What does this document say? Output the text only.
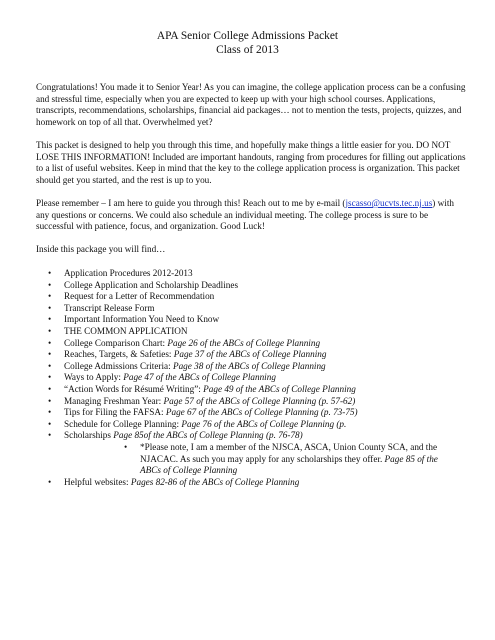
APA Senior College Admissions Packet
Class of 2013

Congratulations! You made it to Senior Year! As you can imagine, the college application process can be a confusing and stressful time, especially when you are expected to keep up with your high school courses. Applications, transcripts, recommendations, scholarships, financial aid packages… not to mention the tests, projects, quizzes, and homework on top of all that. Overwhelmed yet?

This packet is designed to help you through this time, and hopefully make things a little easier for you. DO NOT LOSE THIS INFORMATION! Included are important handouts, ranging from procedures for filling out applications to a list of useful websites. Keep in mind that the key to the college application process is organization. This packet should get you started, and the rest is up to you.

Please remember – I am here to guide you through this! Reach out to me by e-mail (jscasso@ucvts.tec.nj.us) with any questions or concerns. We could also schedule an individual meeting. The college process is sure to be successful with patience, focus, and organization. Good Luck!

Inside this package you will find…

• Application Procedures 2012-2013
• College Application and Scholarship Deadlines
• Request for a Letter of Recommendation
• Transcript Release Form
• Important Information You Need to Know
• THE COMMON APPLICATION
• College Comparison Chart: Page 26 of the ABCs of College Planning
• Reaches, Targets, & Safeties: Page 37 of the ABCs of College Planning
• College Admissions Criteria: Page 38 of the ABCs of College Planning
• Ways to Apply: Page 47 of the ABCs of College Planning
• “Action Words for Résumé Writing”: Page 49 of the ABCs of College Planning
• Managing Freshman Year: Page 57 of the ABCs of College Planning (p. 57-62)
• Tips for Filing the FAFSA: Page 67 of the ABCs of College Planning (p. 73-75)
• Schedule for College Planning: Page 76 of the ABCs of College Planning (p.
• Scholarships Page 85of the ABCs of College Planning (p. 76-78)
• *Please note, I am a member of the NJSCA, ASCA, Union County SCA, and the NJACAC. As such you may apply for any scholarships they offer. Page 85 of the ABCs of College Planning
• Helpful websites: Pages 82-86 of the ABCs of College Planning
